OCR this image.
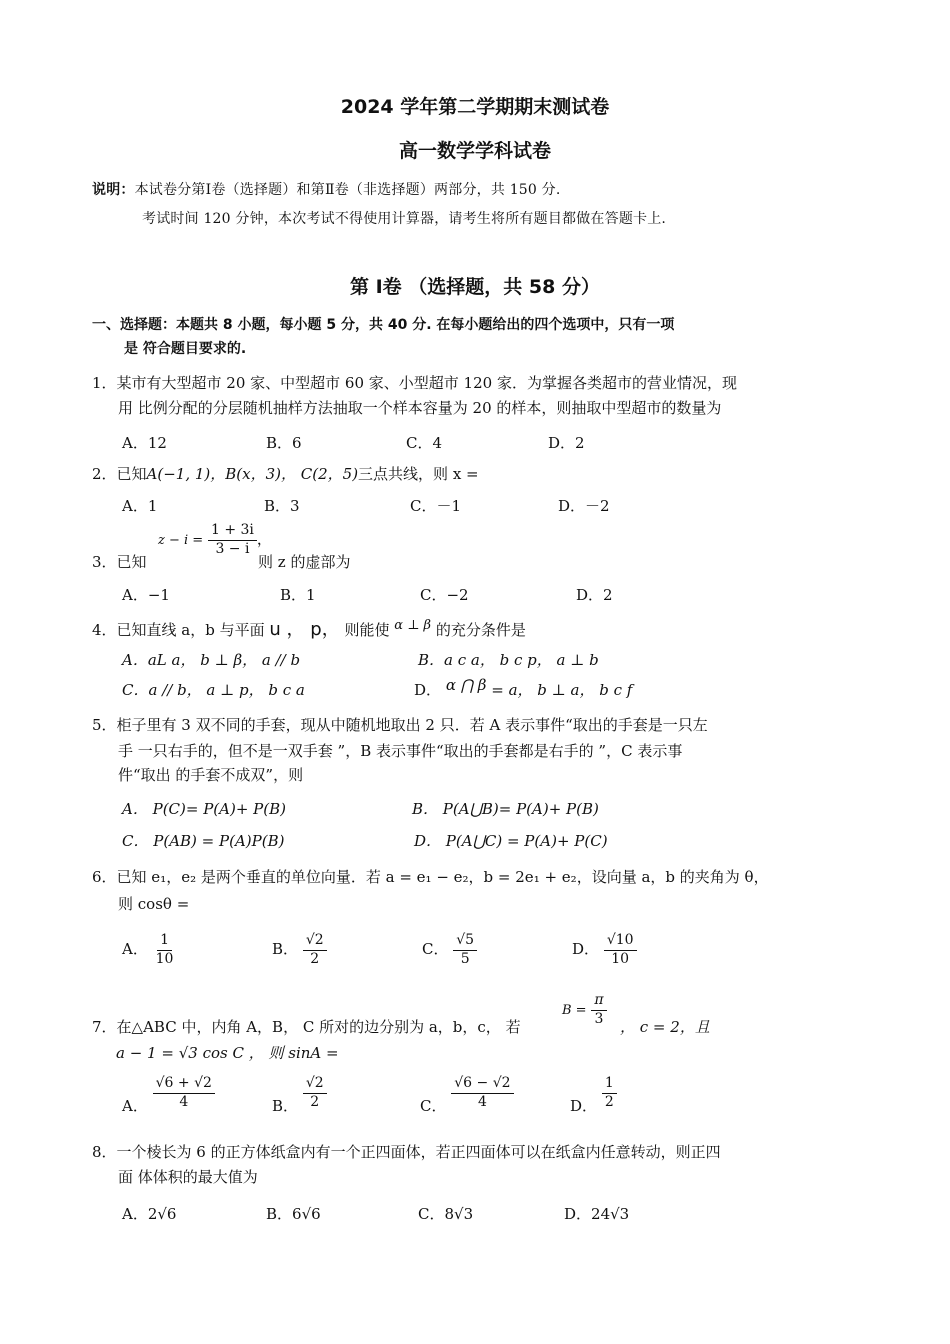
2024 学年第二学期期末测试卷
高一数学学科试卷
说明：本试卷分第Ⅰ卷（选择题）和第Ⅱ卷（非选择题）两部分，共 150 分.
考试时间 120 分钟，本次考试不得使用计算器，请考生将所有题目都做在答题卡上.
第 Ⅰ卷 （选择题，共 58 分）
一、选择题：本题共 8 小题，每小题 5 分，共 40 分. 在每小题给出的四个选项中，只有一项
是 符合题目要求的.
1．某市有大型超市 20 家、中型超市 60 家、小型超市 120 家．为掌握各类超市的营业情况，现
用 比例分配的分层随机抽样方法抽取一个样本容量为 20 的样本，则抽取中型超市的数量为
A．12	B．6	C．4	D．2
2．已知A(−1, 1)，B(x，3)， C(2，5)三点共线，则 x =
A．1	B．3	C．－1	D．－2
3．已知
$z - i = \frac{1 + 3i}{3 - i}$ ，
则 z 的虚部为
A．−1	B．1	C．−2	D．2
4．已知直线 a，b 与平面 u ， p， 则能使 α ⊥ β 的充分条件是
A．aL a， b ⊥ β， a // b	B．a c a， b c p， a ⊥ b
C．a // b， a ⊥ p， b c a	D． α ⋂ β = a， b ⊥ a， b c f
5．柜子里有 3 双不同的手套，现从中随机地取出 2 只．若 A 表示事件“取出的手套是一只左
手 一只右手的，但不是一双手套 ”，B 表示事件“取出的手套都是右手的 ”，C 表示事
件“取出 的手套不成双”，则
A． P(C)= P(A)+ P(B)	B． P(A⋃B)= P(A)+ P(B)
C． P(AB) = P(A)P(B)	D． P(A⋃C) = P(A)+ P(C)
6．已知 e₁，e₂ 是两个垂直的单位向量．若 a = e₁ − e₂，b = 2e₁ + e₂，设向量 a，b 的夹角为 θ，
则 cosθ =
A． $\frac{1}{10}$	B． $\frac{√2}{2}$	C． $\frac{√5}{5}$	D． $\frac{√10}{10}$
7．在△ABC 中，内角 A，B， C 所对的边分别为 a，b，c， 若
$B = \frac{\pi}{3}$ ， c = 2，且
a − 1 = √3 cos C ， 则 sinA =
A． $\frac{√6 + √2}{4}$	B． $\frac{√2}{2}$	C． $\frac{√6 - √2}{4}$	D． $\frac{1}{2}$
8．一个棱长为 6 的正方体纸盒内有一个正四面体，若正四面体可以在纸盒内任意转动，则正四
面 体体积的最大值为
A．2√6	B．6√6	C．8√3	D．24√3
